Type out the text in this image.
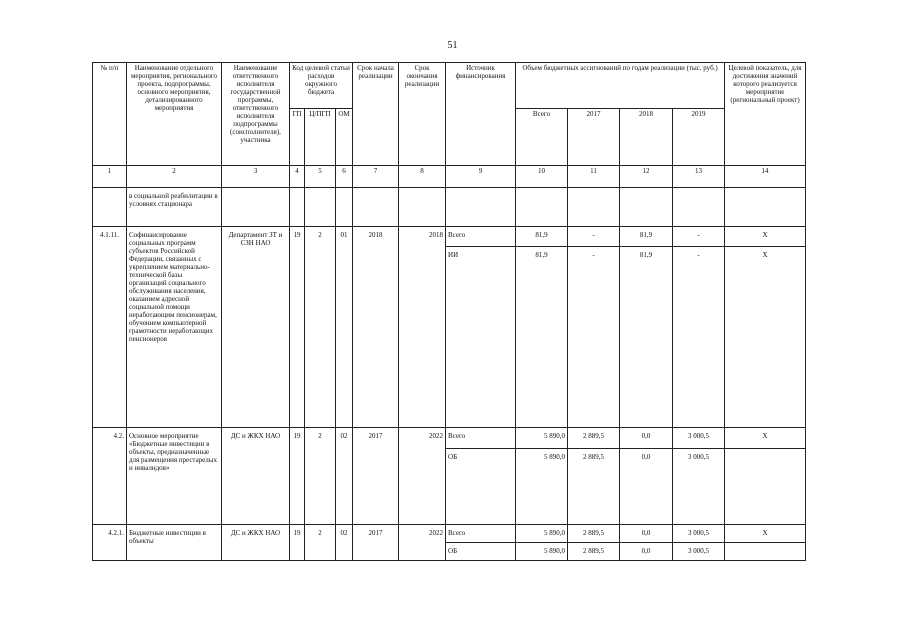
51
№ п/п	Наименование отдельного мероприятия, регионального проекта, подпрограммы, основного мероприятия, детализированного мероприятия	Наименование ответственного исполнителя государственной программы, ответственного исполнителя подпрограммы (соисполнителя), участника	Код целевой статьи расходов окружного бюджета			Срок начала реализации	Срок окончания реализации	Источник финансирования	Объем бюджетных ассигнований по годам реализации (тыс. руб.)				Целевой показатель, для достижения значений которого реализуется мероприятие (региональный проект)
			ГП	Ц/ПГП	ОМ				Всего	2017	2018	2019	
1	2	3	4	5	6	7	8	9	10	11	12	13	14
	в социальной реабилитации в условиях стационара												
4.1.11.	Софинансирование социальных программ субъектов Российской Федерации, связанных с укреплением материально-технической базы организаций социального обслуживания населения, оказанием адресной социальной помощи неработающим пенсионерам, обучением компьютерной грамотности неработающих пенсионеров	Департамент ЗТ и СЗН НАО	19	2	01	2018	2018	Всего	81,9	-	81,9	-	X
								ИИ	81,9	-	81,9	-	X
4.2.	Основное мероприятие «Бюджетные инвестиции в объекты, предназначенные для размещения престарелых и инвалидов»	ДС и ЖКХ НАО	19	2	02	2017	2022	Всего	5 890,0	2 889,5	0,0	3 000,5	X
								ОБ	5 890,0	2 889,5	0,0	3 000,5	
4.2.1.	Бюджетные инвестиции в объекты	ДС и ЖКХ НАО	19	2	02	2017	2022	Всего	5 890,0	2 889,5	0,0	3 000,5	X
								ОБ	5 890,0	2 889,5	0,0	3 000,5	
